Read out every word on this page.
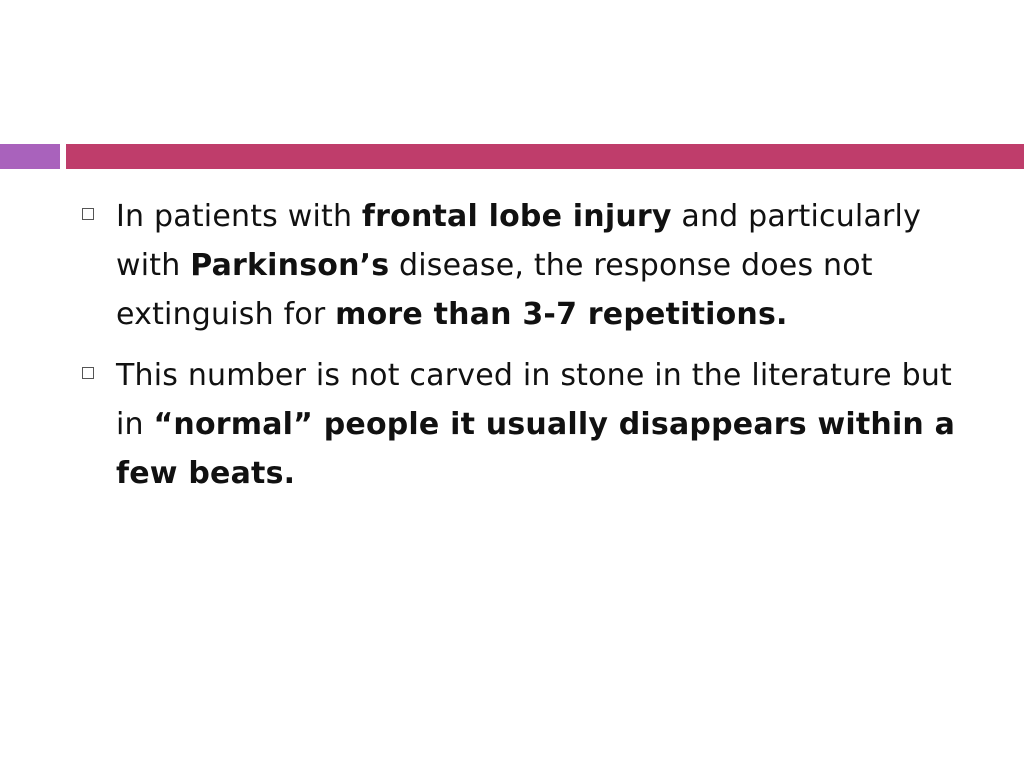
In patients with frontal lobe injury and particularly with Parkinson’s disease, the response does not extinguish for more than 3-7 repetitions.
This number is not carved in stone in the literature but in “normal” people it usually disappears within a few beats.
